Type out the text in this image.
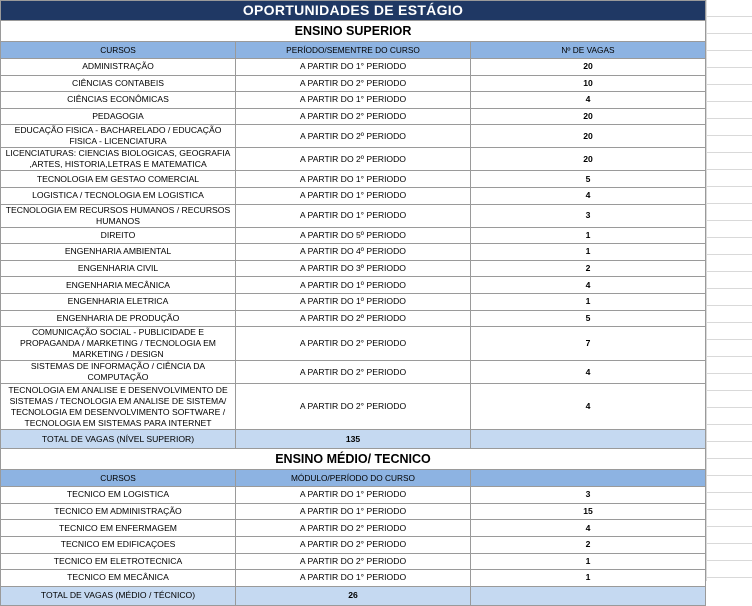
OPORTUNIDADES DE ESTÁGIO		
ENSINO SUPERIOR		
CURSOS	PERÍODO/SEMENTRE DO CURSO	Nº DE VAGAS
ADMINISTRAÇÃO	A PARTIR DO 1° PERIODO	20
CIÊNCIAS CONTABEIS	A PARTIR DO 2° PERIODO	10
CIÊNCIAS ECONÔMICAS	A PARTIR DO 1° PERIODO	4
PEDAGOGIA	A PARTIR DO 2° PERIODO	20
EDUCAÇÃO FISICA - BACHARELADO / EDUCAÇÃO FISICA - LICENCIATURA	A PARTIR DO 2º PERIODO	20
LICENCIATURAS: CIENCIAS BIOLOGICAS, GEOGRAFIA ,ARTES, HISTORIA,LETRAS E MATEMATICA	A PARTIR DO 2º PERIODO	20
TECNOLOGIA EM GESTAO COMERCIAL	A PARTIR DO 1° PERIODO	5
LOGISTICA / TECNOLOGIA EM LOGISTICA	A PARTIR DO 1° PERIODO	4
TECNOLOGIA EM RECURSOS HUMANOS / RECURSOS HUMANOS	A PARTIR DO 1° PERIODO	3
DIREITO	A PARTIR DO 5º PERIODO	1
ENGENHARIA AMBIENTAL	A PARTIR DO 4º PERIODO	1
ENGENHARIA CIVIL	A PARTIR DO 3º PERIODO	2
ENGENHARIA MECÂNICA	A PARTIR DO 1º PERIODO	4
ENGENHARIA ELETRICA	A PARTIR DO 1º PERIODO	1
ENGENHARIA DE PRODUÇÃO	A PARTIR DO 2º PERIODO	5
COMUNICAÇÃO SOCIAL - PUBLICIDADE E PROPAGANDA / MARKETING / TECNOLOGIA EM MARKETING / DESIGN	A PARTIR DO 2° PERIODO	7
SISTEMAS DE INFORMAÇÃO / CIÊNCIA DA COMPUTAÇÃO	A PARTIR DO 2° PERIODO	4
TECNOLOGIA EM ANALISE E DESENVOLVIMENTO DE SISTEMAS / TECNOLOGIA EM ANALISE DE SISTEMA/ TECNOLOGIA EM DESENVOLVIMENTO SOFTWARE / TECNOLOGIA EM SISTEMAS PARA INTERNET	A PARTIR DO 2° PERIODO	4
TOTAL DE VAGAS (NÍVEL SUPERIOR)	135	
ENSINO MÉDIO/ TECNICO		
CURSOS	MÓDULO/PERÍODO DO CURSO	
TECNICO EM LOGISTICA	A PARTIR DO 1° PERIODO	3
TECNICO EM ADMINISTRAÇÃO	A PARTIR DO 1° PERIODO	15
TECNICO EM ENFERMAGEM	A PARTIR DO 2° PERIODO	4
TECNICO EM EDIFICAÇOES	A PARTIR DO 2° PERIODO	2
TECNICO EM ELETROTECNICA	A PARTIR DO 2° PERIODO	1
TECNICO EM MECÂNICA	A PARTIR DO 1° PERIODO	1
TOTAL DE VAGAS (MÉDIO / TÉCNICO)	26	
